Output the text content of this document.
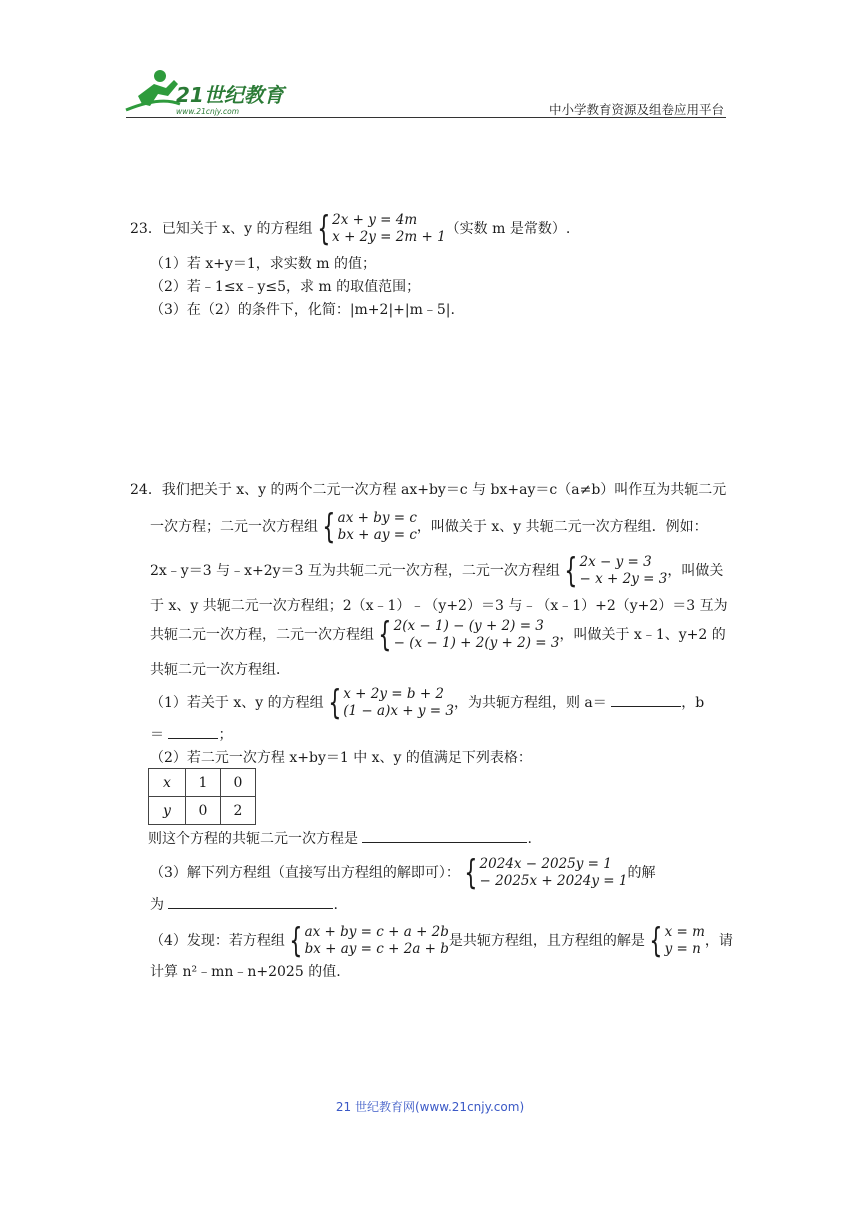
21世纪教育
www.21cnjy.com	中小学教育资源及组卷应用平台
23．已知关于 x、y 的方程组 { 2x + y = 4m
x + 2y = 2m + 1 （实数 m 是常数）.
（1）若 x+y＝1，求实数 m 的值；
（2）若﹣1≤x﹣y≤5，求 m 的取值范围；
（3）在（2）的条件下，化简：|m+2|+|m﹣5|.
24．我们把关于 x、y 的两个二元一次方程 ax+by＝c 与 bx+ay＝c（a≠b）叫作互为共轭二元
一次方程；二元一次方程组 { ax + by = c
bx + ay = c ，叫做关于 x、y 共轭二元一次方程组．例如：
2x﹣y＝3 与﹣x+2y＝3 互为共轭二元一次方程，二元一次方程组 { 2x − y = 3
− x + 2y = 3 ，叫做关
于 x、y 共轭二元一次方程组；2（x﹣1）﹣（y+2）＝3 与﹣（x﹣1）+2（y+2）＝3 互为
共轭二元一次方程，二元一次方程组 { 2(x − 1) − (y + 2) = 3
− (x − 1) + 2(y + 2) = 3 ，叫做关于 x﹣1、y+2 的
共轭二元一次方程组．
（1）若关于 x、y 的方程组 { x + 2y = b + 2
(1 − a)x + y = 3 ，为共轭方程组，则 a＝	，b
＝	；
（2）若二元一次方程 x+by＝1 中 x、y 的值满足下列表格：
x	1	0
y	0	2
则这个方程的共轭二元一次方程是	.
（3）解下列方程组（直接写出方程组的解即可）： { 2024x − 2025y = 1
− 2025x + 2024y = 1 的解
为	.
（4）发现：若方程组 { ax + by = c + a + 2b
bx + ay = c + 2a + b 是共轭方程组，且方程组的解是 { x = m
y = n ，请
计算 n²﹣mn﹣n+2025 的值.
21 世纪教育网(www.21cnjy.com)
